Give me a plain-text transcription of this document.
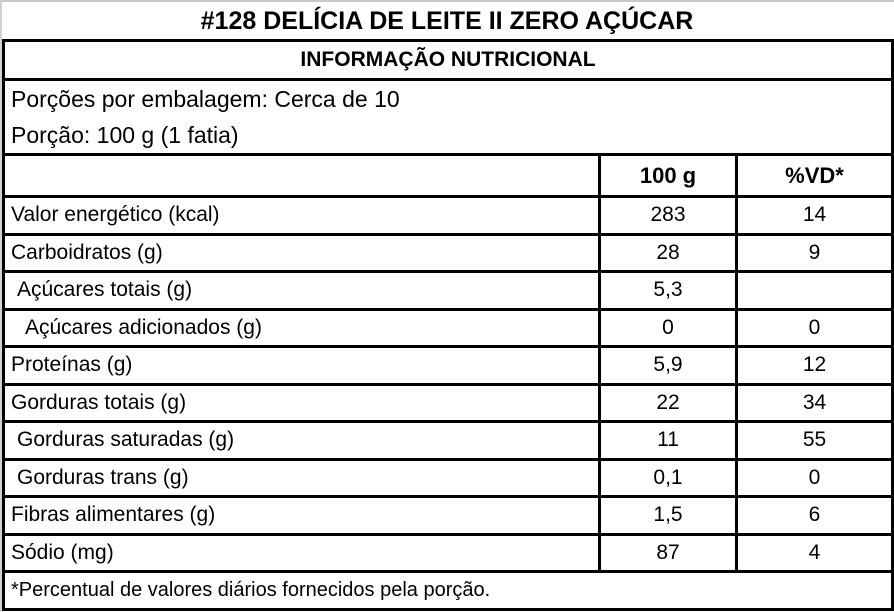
#128 DELÍCIA DE LEITE II ZERO AÇÚCAR
INFORMAÇÃO NUTRICIONAL		

Porções por embalagem: Cerca de 10
Porção: 100 g (1 fatia)		

	100 g	%VD*
Valor energético (kcal)	283	14
Carboidratos (g)	28	9
Açúcares totais (g)	5,3	
Açúcares adicionados (g)	0	0
Proteínas (g)	5,9	12
Gorduras totais (g)	22	34
Gorduras saturadas (g)	11	55
Gorduras trans (g)	0,1	0
Fibras alimentares (g)	1,5	6
Sódio (mg)	87	4
*Percentual de valores diários fornecidos pela porção.		
